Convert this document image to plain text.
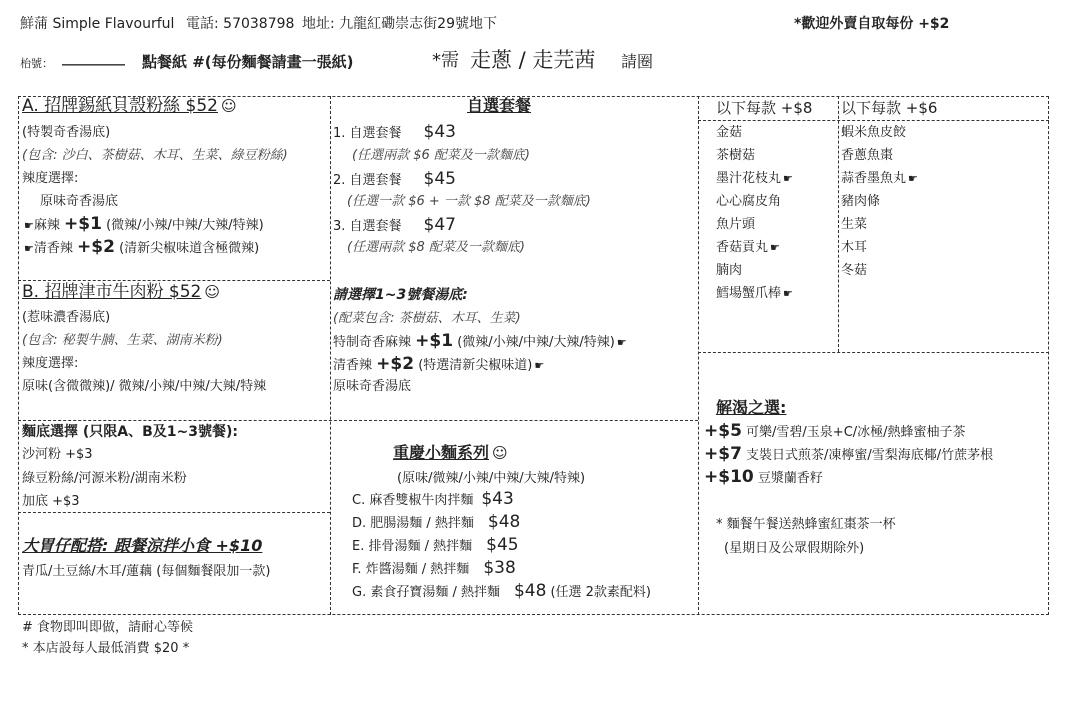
鮮蒲 Simple Flavourful 電話: 57038798 地址: 九龍紅磡崇志街29號地下	*歡迎外賣自取每份 +$2
枱號： _________ 點餐紙 #(每份麵餐請畫一張紙)	*需 走蔥 / 走芫茜 請圈
A. 招牌錫紙貝殼粉絲 $52 ☺
(特製奇香湯底)
(包含: 沙白、茶樹菇、木耳、生菜、綠豆粉絲)
辣度選擇:
原味奇香湯底
☛麻辣 +$1 (微辣/小辣/中辣/大辣/特辣)
☛清香辣 +$2 (清新尖椒味道含極微辣)
B. 招牌津市牛肉粉 $52 ☺
(惹味濃香湯底)
(包含: 秘製牛腩、生菜、湖南米粉)
辣度選擇:
原味(含微微辣)/ 微辣/小辣/中辣/大辣/特辣
麵底選擇 (只限A、B及1~3號餐):
沙河粉 +$3
綠豆粉絲/河源米粉/湖南米粉
加底 +$3
大胃仔配搭: 跟餐涼拌小食 +$10
青瓜/土豆絲/木耳/蓮藕 (每個麵餐限加一款)
自選套餐
1. 自選套餐 $43
(任選兩款 $6 配菜及一款麵底)
2. 自選套餐 $45
(任選一款 $6 + 一款 $8 配菜及一款麵底)
3. 自選套餐 $47
(任選兩款 $8 配菜及一款麵底)
請選擇1~3號餐湯底:
(配菜包含: 茶樹菇、木耳、生菜)
特制奇香麻辣 +$1 (微辣/小辣/中辣/大辣/特辣) ☛
清香辣 +$2 (特選清新尖椒味道) ☛
原味奇香湯底
重慶小麵系列 ☺
(原味/微辣/小辣/中辣/大辣/特辣)
C. 麻香雙椒牛肉拌麵 $43
D. 肥腸湯麵 / 熱拌麵 $48
E. 排骨湯麵 / 熱拌麵 $45
F. 炸醬湯麵 / 熱拌麵 $38
G. 素食孖寶湯麵 / 熱拌麵 $48 (任選 2款素配料)
以下每款 +$8
金菇
茶樹菇
墨汁花枝丸 ☛
心心腐皮角
魚片頭
香菇貢丸 ☛
腩肉
鱈場蟹爪棒 ☛
以下每款 +$6
蝦米魚皮餃
香蔥魚棗
蒜香墨魚丸 ☛
豬肉條
生菜
木耳
冬菇
解渴之選:
+$5 可樂/雪碧/玉泉+C/冰極/熱蜂蜜柚子茶
+$7 支裝日式煎茶/凍檸蜜/雪梨海底椰/竹蔗茅根
+$10 豆漿蘭香籽
* 麵餐午餐送熱蜂蜜紅棗茶一杯
(星期日及公眾假期除外)
# 食物即叫即做，請耐心等候
* 本店設每人最低消費 $20 *
